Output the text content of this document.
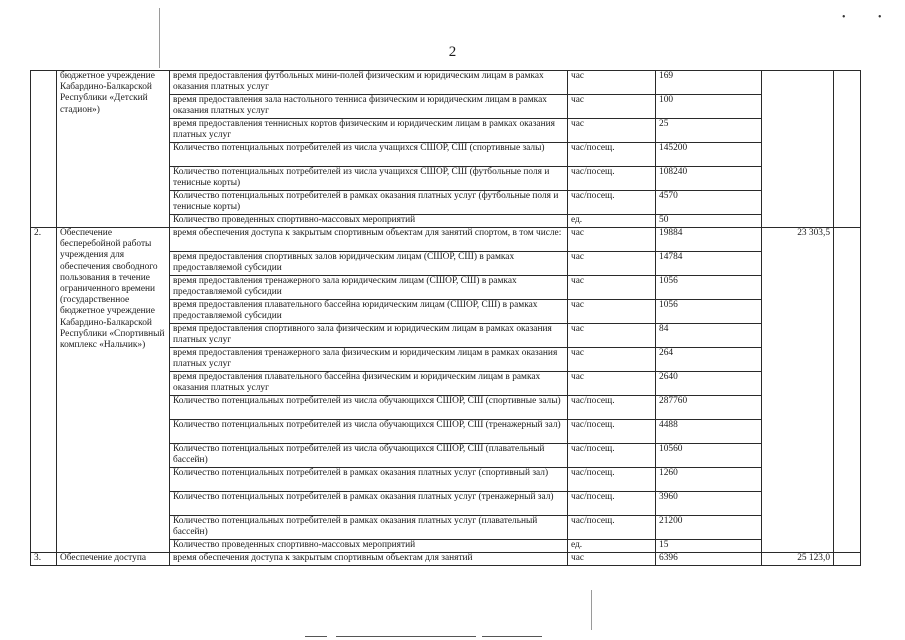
•	•
2
	бюджетное учреждение Кабардино-Балкарской Республики «Детский стадион»)	время предоставления футбольных мини-полей физическим и юридическим лицам в рамках оказания платных услуг	час	169		
		время предоставления зала настольного тенниса физическим и юридическим лицам в рамках оказания платных услуг	час	100		
		время предоставления теннисных кортов физическим и юридическим лицам в рамках оказания платных услуг	час	25		
		Количество потенциальных потребителей из числа учащихся СШОР, СШ (спортивные залы)	час/посещ.	145200		
		Количество потенциальных потребителей из числа учащихся СШОР, СШ (футбольные поля и тенисные корты)	час/посещ.	108240		
		Количество потенциальных потребителей в рамках оказания платных услуг (футбольные поля и тенисные корты)	час/посещ.	4570		
		Количество проведенных спортивно-массовых мероприятий	ед.	50		
2.	Обеспечение бесперебойной работы учреждения для обеспечения свободного пользования в течение ограниченного времени (государственное бюджетное учреждение Кабардино-Балкарской Республики «Спортивный комплекс «Нальчик»)	время обеспечения доступа к закрытым спортивным объектам для занятий спортом, в том числе:	час	19884	23 303,5	
		время предоставления спортивных залов юридическим лицам (СШОР, СШ) в рамках предоставляемой субсидии	час	14784		
		время предоставления тренажерного зала юридическим лицам (СШОР, СШ) в рамках предоставляемой субсидии	час	1056		
		время предоставления плавательного бассейна юридическим лицам (СШОР, СШ) в рамках предоставляемой субсидии	час	1056		
		время предоставления спортивного зала физическим и юридическим лицам в рамках оказания платных услуг	час	84		
		время предоставления тренажерного зала физическим и юридическим лицам в рамках оказания платных услуг	час	264		
		время предоставления плавательного бассейна физическим и юридическим лицам в рамках оказания платных услуг	час	2640		
		Количество потенциальных потребителей из числа обучающихся СШОР, СШ (спортивные залы)	час/посещ.	287760		
		Количество потенциальных потребителей из числа обучающихся СШОР, СШ (тренажерный зал)	час/посещ.	4488		
		Количество потенциальных потребителей из числа обучающихся СШОР, СШ (плавательный бассейн)	час/посещ.	10560		
		Количество потенциальных потребителей в рамках оказания платных услуг (спортивный зал)	час/посещ.	1260		
		Количество потенциальных потребителей в рамках оказания платных услуг (тренажерный зал)	час/посещ.	3960		
		Количество потенциальных потребителей в рамках оказания платных услуг (плавательный бассейн)	час/посещ.	21200		
		Количество проведенных спортивно-массовых мероприятий	ед.	15		
3.	Обеспечение доступа	время обеспечения доступа к закрытым спортивным объектам для занятий	час	6396	25 123,0	
